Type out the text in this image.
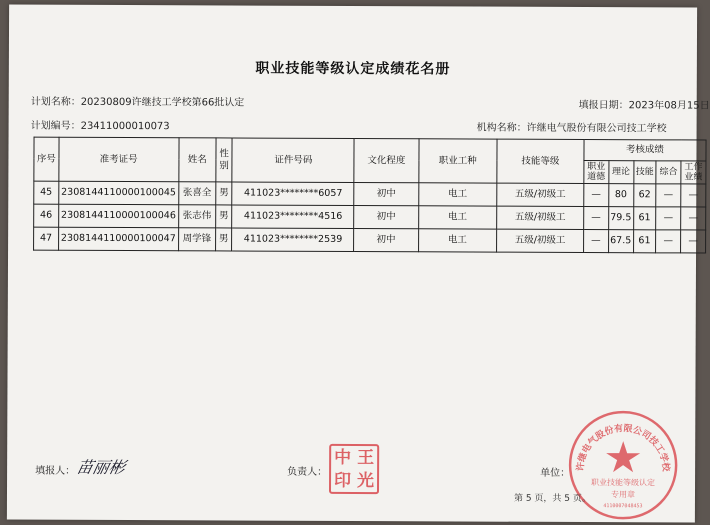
职业技能等级认定成绩花名册
计划名称：20230809许继技工学校第66批认定	填报日期：2023年08月15日
计划编号：23411000010073	机构名称：许继电气股份有限公司技工学校
序号	准考证号	姓名	性别	证件号码	文化程度	职业工种	技能等级	考核成绩				
								职业道德	理论	技能	综合	工作业绩
45	2308144110000100045	张喜全	男	411023********6057	初中	电工	五级/初级工	—	80	62	—	—
46	2308144110000100046	张志伟	男	411023********4516	初中	电工	五级/初级工	—	79.5	61	—	—
47	2308144110000100047	周学锋	男	411023********2539	初中	电工	五级/初级工	—	67.5	61	—	—
填报人： 苗丽彬	负责人：	单位：
中 王
印 光
许继电气股份有限公司技工学校
职业技能等级认定
专用章
4110007048453
第 5 页，共 5 页。
